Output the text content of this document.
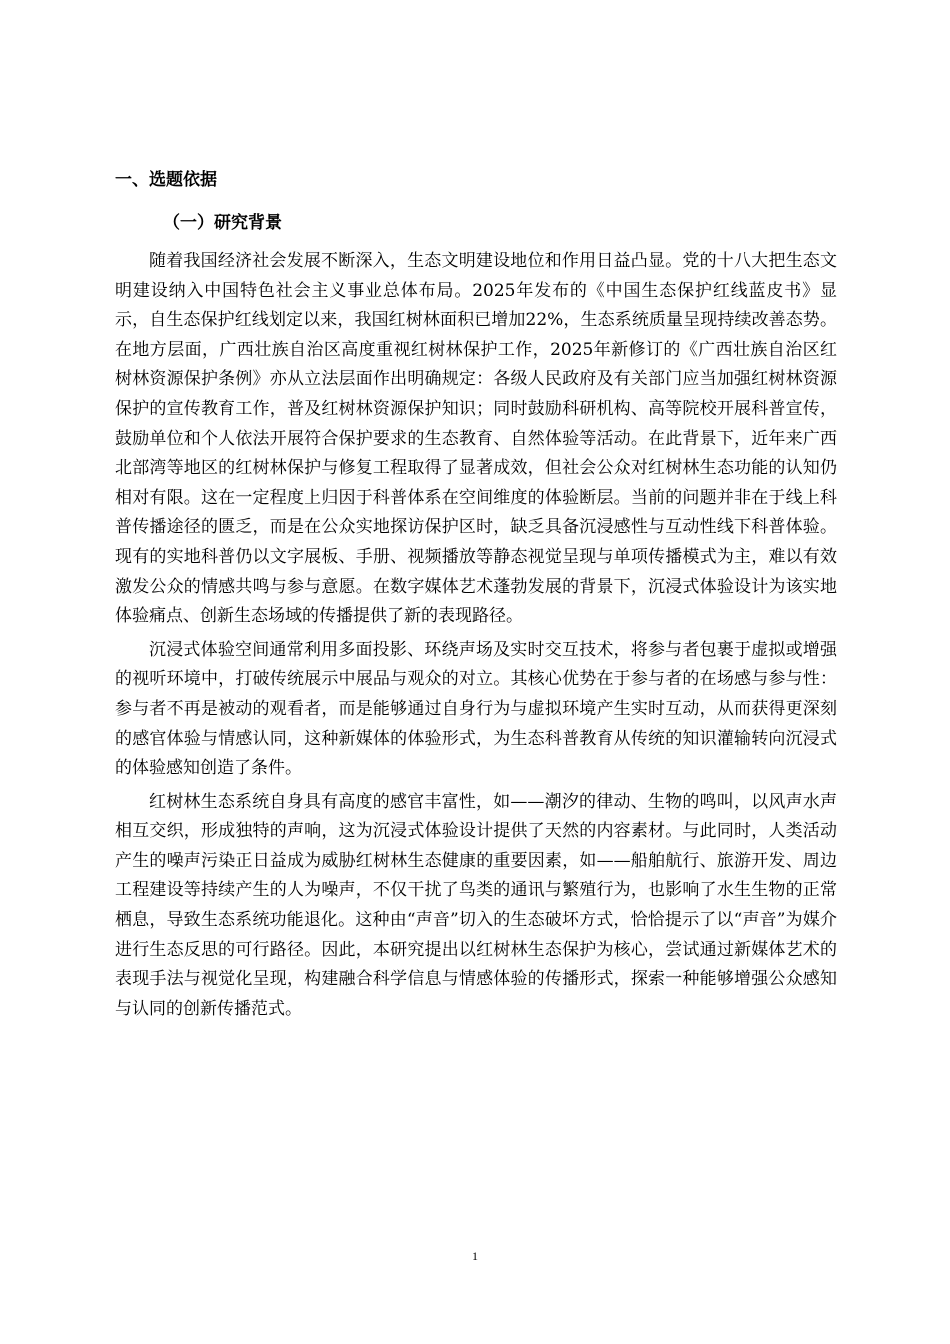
一、选题依据
（一）研究背景

随着我国经济社会发展不断深入，生态文明建设地位和作用日益凸显。党的十八大把生态文明建设纳入中国特色社会主义事业总体布局。2025年发布的《中国生态保护红线蓝皮书》显示，自生态保护红线划定以来，我国红树林面积已增加22%，生态系统质量呈现持续改善态势。在地方层面，广西壮族自治区高度重视红树林保护工作，2025年新修订的《广西壮族自治区红树林资源保护条例》亦从立法层面作出明确规定：各级人民政府及有关部门应当加强红树林资源保护的宣传教育工作，普及红树林资源保护知识；同时鼓励科研机构、高等院校开展科普宣传，鼓励单位和个人依法开展符合保护要求的生态教育、自然体验等活动。在此背景下，近年来广西北部湾等地区的红树林保护与修复工程取得了显著成效，但社会公众对红树林生态功能的认知仍相对有限。这在一定程度上归因于科普体系在空间维度的体验断层。当前的问题并非在于线上科普传播途径的匮乏，而是在公众实地探访保护区时，缺乏具备沉浸感性与互动性线下科普体验。现有的实地科普仍以文字展板、手册、视频播放等静态视觉呈现与单项传播模式为主，难以有效激发公众的情感共鸣与参与意愿。在数字媒体艺术蓬勃发展的背景下，沉浸式体验设计为该实地体验痛点、创新生态场域的传播提供了新的表现路径。

沉浸式体验空间通常利用多面投影、环绕声场及实时交互技术，将参与者包裹于虚拟或增强的视听环境中，打破传统展示中展品与观众的对立。其核心优势在于参与者的在场感与参与性：参与者不再是被动的观看者，而是能够通过自身行为与虚拟环境产生实时互动，从而获得更深刻的感官体验与情感认同，这种新媒体的体验形式，为生态科普教育从传统的知识灌输转向沉浸式的体验感知创造了条件。

红树林生态系统自身具有高度的感官丰富性，如——潮汐的律动、生物的鸣叫，以风声水声相互交织，形成独特的声响，这为沉浸式体验设计提供了天然的内容素材。与此同时，人类活动产生的噪声污染正日益成为威胁红树林生态健康的重要因素，如——船舶航行、旅游开发、周边工程建设等持续产生的人为噪声，不仅干扰了鸟类的通讯与繁殖行为，也影响了水生生物的正常栖息，导致生态系统功能退化。这种由“声音”切入的生态破坏方式，恰恰提示了以“声音”为媒介进行生态反思的可行路径。因此，本研究提出以红树林生态保护为核心，尝试通过新媒体艺术的表现手法与视觉化呈现，构建融合科学信息与情感体验的传播形式，探索一种能够增强公众感知与认同的创新传播范式。

1
